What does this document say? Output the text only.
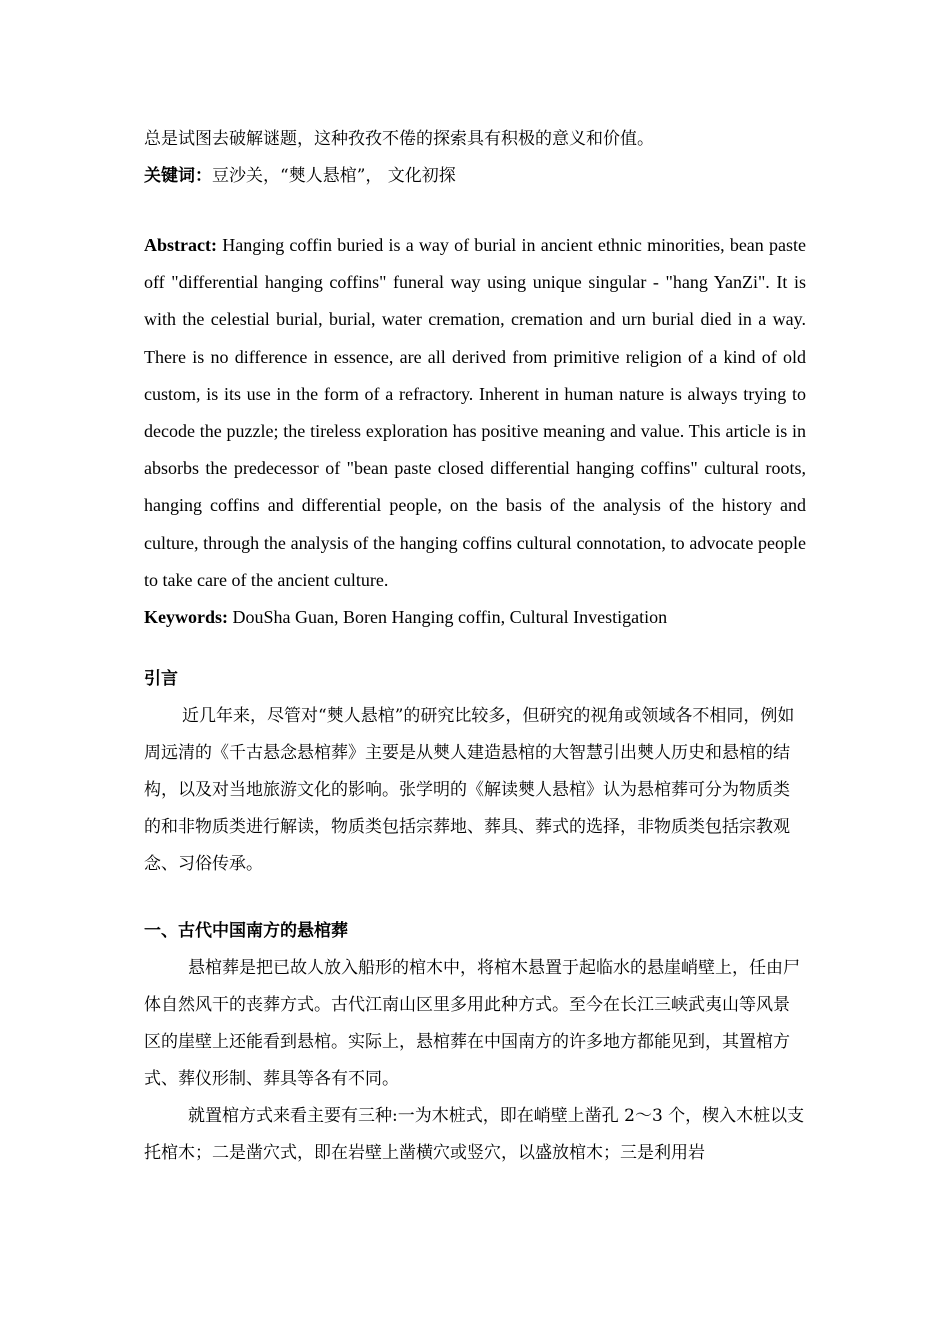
总是试图去破解谜题，这种孜孜不倦的探索具有积极的意义和价值。

关键词：豆沙关，“僰人悬棺”， 文化初探

Abstract: Hanging coffin buried is a way of burial in ancient ethnic minorities, bean paste off "differential hanging coffins" funeral way using unique singular - "hang YanZi". It is with the celestial burial, burial, water cremation, cremation and urn burial died in a way. There is no difference in essence, are all derived from primitive religion of a kind of old custom, is its use in the form of a refractory. Inherent in human nature is always trying to decode the puzzle; the tireless exploration has positive meaning and value. This article is in absorbs the predecessor of "bean paste closed differential hanging coffins" cultural roots, hanging coffins and differential people, on the basis of the analysis of the history and culture, through the analysis of the hanging coffins cultural connotation, to advocate people to take care of the ancient culture.

Keywords: DouSha Guan, Boren Hanging coffin, Cultural Investigation

引言

近几年来，尽管对“僰人悬棺”的研究比较多，但研究的视角或领域各不相同，例如周远清的《千古悬念悬棺葬》主要是从僰人建造悬棺的大智慧引出僰人历史和悬棺的结构，以及对当地旅游文化的影响。张学明的《解读僰人悬棺》认为悬棺葬可分为物质类的和非物质类进行解读，物质类包括宗葬地、葬具、葬式的选择，非物质类包括宗教观念、习俗传承。

一、古代中国南方的悬棺葬

悬棺葬是把已故人放入船形的棺木中，将棺木悬置于起临水的悬崖峭壁上，任由尸体自然风干的丧葬方式。古代江南山区里多用此种方式。至今在长江三峡武夷山等风景区的崖壁上还能看到悬棺。实际上，悬棺葬在中国南方的许多地方都能见到，其置棺方式、葬仪形制、葬具等各有不同。

就置棺方式来看主要有三种:一为木桩式，即在峭壁上凿孔 2～3 个，楔入木桩以支托棺木；二是凿穴式，即在岩壁上凿横穴或竖穴，以盛放棺木；三是利用岩
